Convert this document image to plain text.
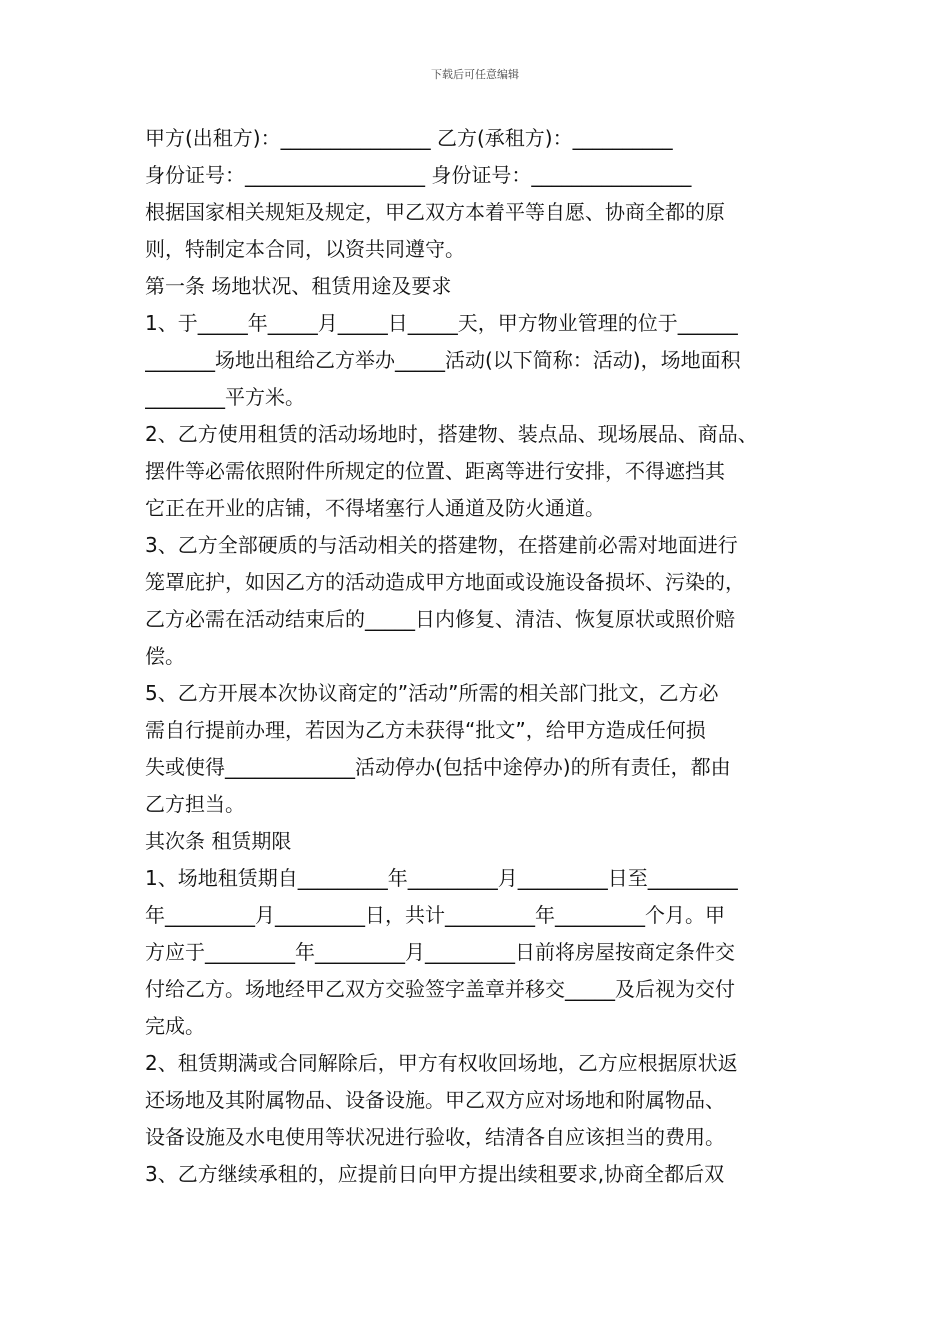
下载后可任意编辑
甲方(出租方)：_______________ 乙方(承租方)：__________
身份证号：__________________ 身份证号：________________
根据国家相关规矩及规定，甲乙双方本着平等自愿、协商全都的原
则，特制定本合同，以资共同遵守。
第一条 场地状况、租赁用途及要求
1、于_____年_____月_____日_____天，甲方物业管理的位于______
_______场地出租给乙方举办_____活动(以下简称：活动)，场地面积
________平方米。
2、乙方使用租赁的活动场地时，搭建物、装点品、现场展品、商品、
摆件等必需依照附件所规定的位置、距离等进行安排，不得遮挡其
它正在开业的店铺，不得堵塞行人通道及防火通道。
3、乙方全部硬质的与活动相关的搭建物，在搭建前必需对地面进行
笼罩庇护，如因乙方的活动造成甲方地面或设施设备损坏、污染的，
乙方必需在活动结束后的_____日内修复、清洁、恢复原状或照价赔
偿。
5、乙方开展本次协议商定的”活动”所需的相关部门批文，乙方必
需自行提前办理，若因为乙方未获得“批文”，给甲方造成任何损
失或使得_____________活动停办(包括中途停办)的所有责任，都由
乙方担当。
其次条 租赁期限
1、场地租赁期自_________年_________月_________日至_________
年_________月_________日，共计_________年_________个月。甲
方应于_________年_________月_________日前将房屋按商定条件交
付给乙方。场地经甲乙双方交验签字盖章并移交_____及后视为交付
完成。
2、租赁期满或合同解除后，甲方有权收回场地，乙方应根据原状返
还场地及其附属物品、设备设施。甲乙双方应对场地和附属物品、
设备设施及水电使用等状况进行验收，结清各自应该担当的费用。
3、乙方继续承租的，应提前日向甲方提出续租要求,协商全都后双
